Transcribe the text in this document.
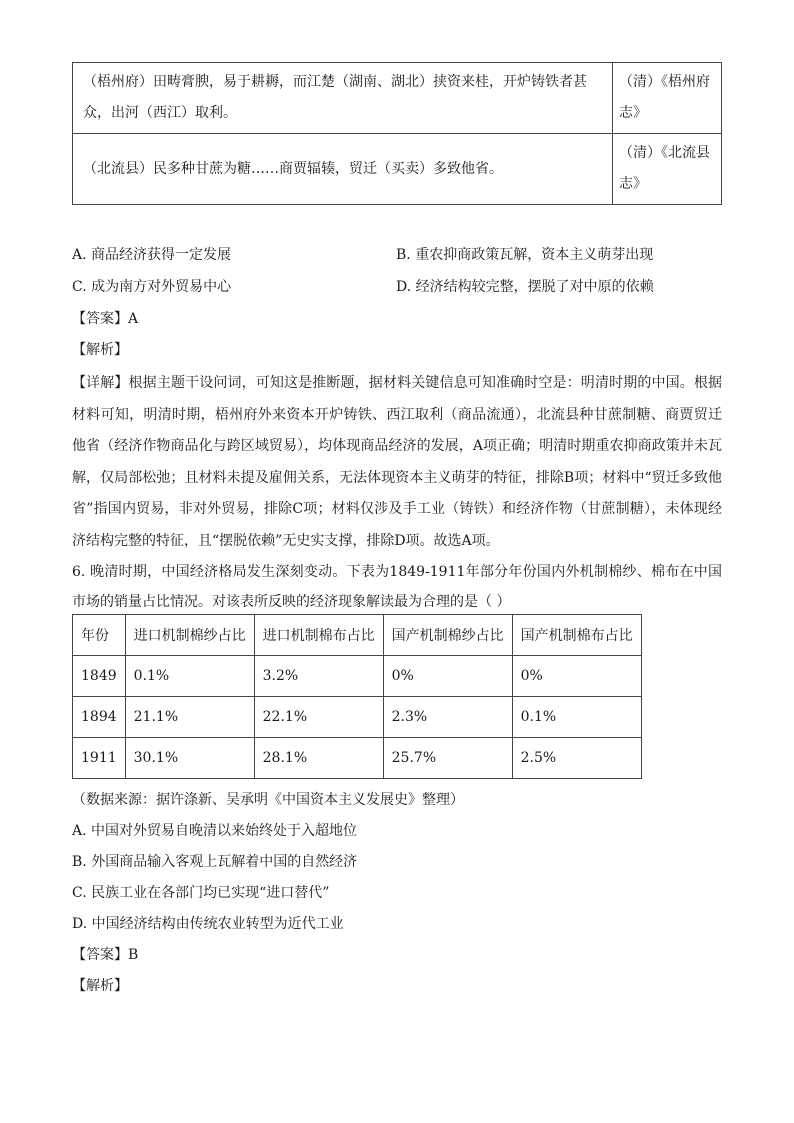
（梧州府）田畴膏腴，易于耕耨，而江楚（湖南、湖北）挟资来桂，开炉铸铁者甚众，出河（西江）取利。	（清）《梧州府志》
（北流县）民多种甘蔗为糖……商贾辐辏，贸迁（买卖）多致他省。	（清）《北流县志》
A. 商品经济获得一定发展	B. 重农抑商政策瓦解，资本主义萌芽出现
C. 成为南方对外贸易中心	D. 经济结构较完整，摆脱了对中原的依赖
【答案】A
【解析】
【详解】根据主题干设问词，可知这是推断题，据材料关键信息可知准确时空是：明清时期的中国。根据材料可知，明清时期，梧州府外来资本开炉铸铁、西江取利（商品流通），北流县种甘蔗制糖、商贾贸迁他省（经济作物商品化与跨区域贸易），均体现商品经济的发展，A项正确；明清时期重农抑商政策并未瓦解，仅局部松弛；且材料未提及雇佣关系，无法体现资本主义萌芽的特征，排除B项；材料中“贸迁多致他省”指国内贸易，非对外贸易，排除C项；材料仅涉及手工业（铸铁）和经济作物（甘蔗制糖），未体现经济结构完整的特征，且“摆脱依赖”无史实支撑，排除D项。故选A项。
6. 晚清时期，中国经济格局发生深刻变动。下表为1849-1911年部分年份国内外机制棉纱、棉布在中国市场的销量占比情况。对该表所反映的经济现象解读最为合理的是（ ）
年份	进口机制棉纱占比	进口机制棉布占比	国产机制棉纱占比	国产机制棉布占比
1849	0.1%	3.2%	0%	0%
1894	21.1%	22.1%	2.3%	0.1%
1911	30.1%	28.1%	25.7%	2.5%
（数据来源：据许涤新、吴承明《中国资本主义发展史》整理）
A. 中国对外贸易自晚清以来始终处于入超地位
B. 外国商品输入客观上瓦解着中国的自然经济
C. 民族工业在各部门均已实现“进口替代”
D. 中国经济结构由传统农业转型为近代工业
【答案】B
【解析】
